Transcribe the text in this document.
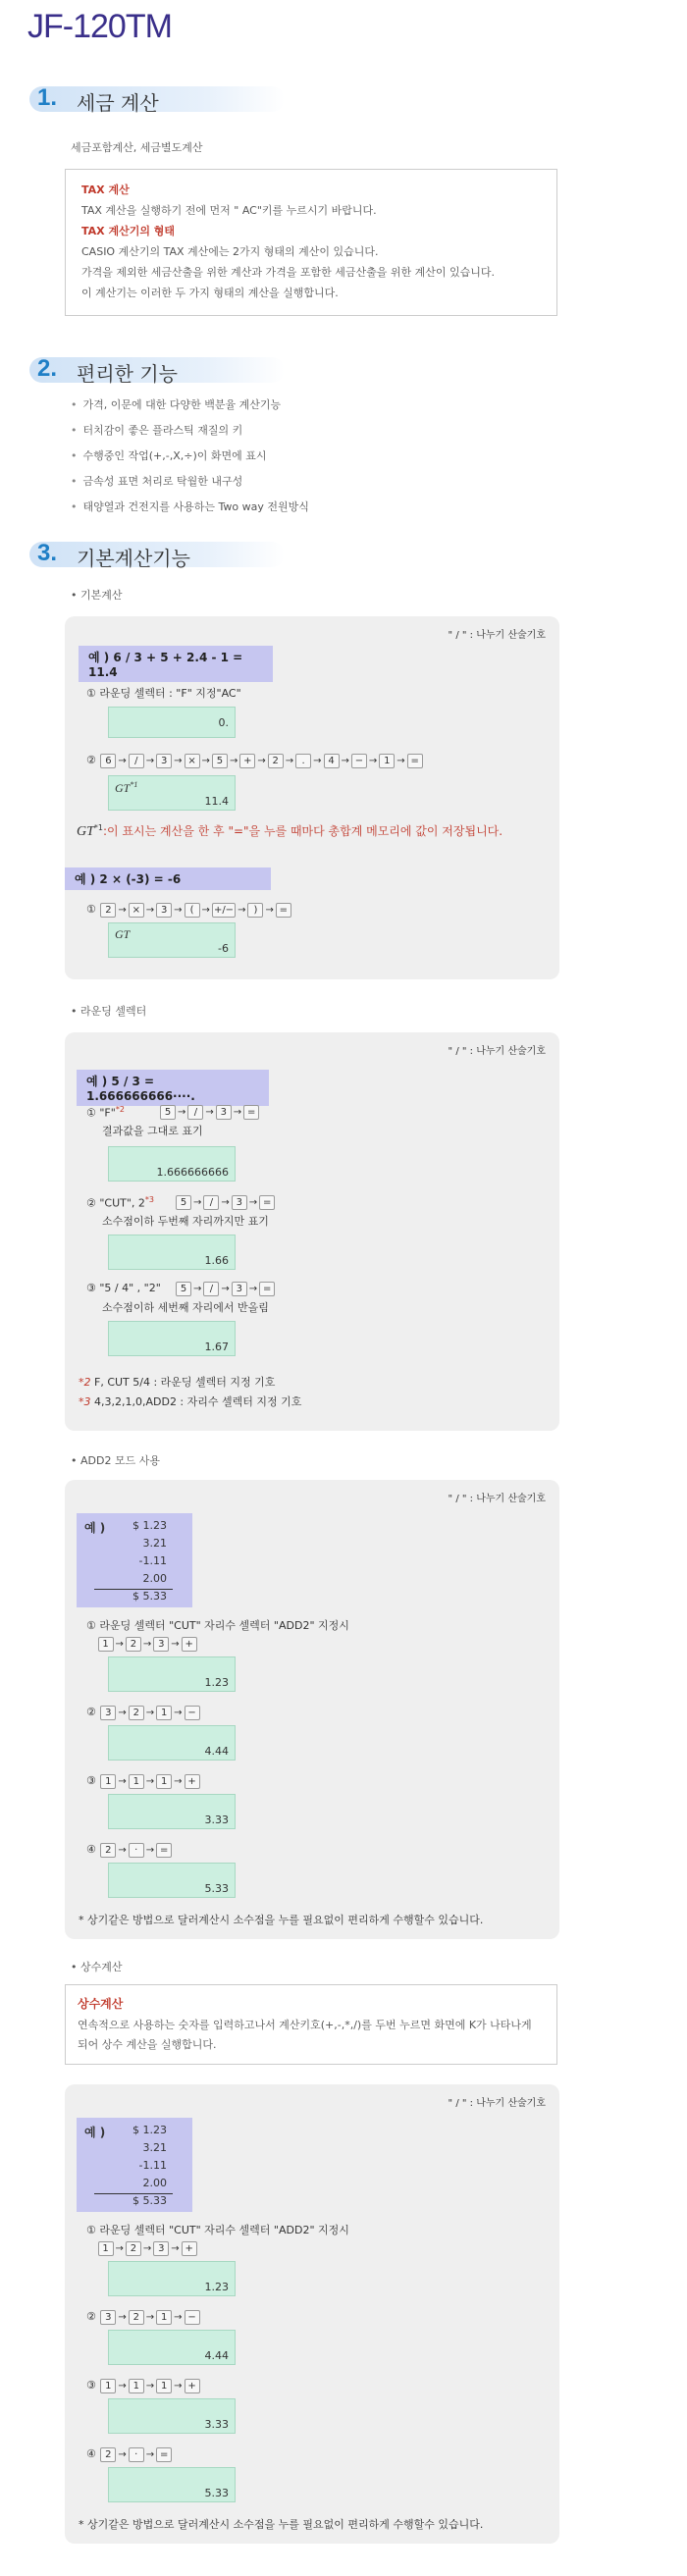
JF-120TM
1. 세금 계산
세금포함계산, 세금별도계산
TAX 계산
TAX 계산을 실행하기 전에 먼저 " AC"키를 누르시기 바랍니다.
TAX 계산기의 형태
CASIO 계산기의 TAX 계산에는 2가지 형태의 계산이 있습니다.
가격을 제외한 세금산출을 위한 계산과 가격을 포함한 세금산출을 위한 계산이 있습니다.
이 계산기는 이러한 두 가지 형태의 계산을 실행합니다.
2. 편리한 기능
• 가격, 이문에 대한 다양한 백분율 계산기능
• 터치감이 좋은 플라스틱 재질의 키
• 수행중인 작업(+,-,X,÷)이 화면에 표시
• 금속성 표면 처리로 탁월한 내구성
• 태양열과 건전지를 사용하는 Two way 전원방식
3. 기본계산기능
• 기본계산
" / " : 나누기 산술기호
예 ) 6 / 3 + 5 + 2.4 - 1 = 11.4
① 라운딩 셀렉터 : "F" 지정"AC"
0.
② 6 → / → 3 → × → 5 → + → 2 → . → 4 → − → 1 → =
$GT^{*1}$
11.4
GT$^{*1}$:이 표시는 계산을 한 후 "="을 누를 때마다 총합계 메모리에 값이 저장됩니다.
예 ) 2 × (-3) = -6
① 2 → × → 3 → ( → +/− → ) → =
GT
-6
• 라운딩 셀렉터
" / " : 나누기 산술기호
예 ) 5 / 3 = 1.666666666····.
① "F"$^{*2}$	5 → / → 3 → =
결과값을 그대로 표기
1.666666666
② "CUT", 2$^{*3}$	5 → / → 3 → =
소수점이하 두번째 자리까지만 표기
1.66
③ "5 / 4" , "2"	5 → / → 3 → =
소수점이하 세번째 자리에서 반올림
1.67
*2 F, CUT 5/4 : 라운딩 셀렉터 지정 기호
*3 4,3,2,1,0,ADD2 : 자리수 셀렉터 지정 기호
• ADD2 모드 사용
" / " : 나누기 산술기호
예 )	$ 1.23
3.21
-1.11
2.00
$ 5.33
① 라운딩 셀렉터 "CUT" 자리수 셀렉터 "ADD2" 지정시
1 → 2 → 3 → +
1.23
② 3 → 2 → 1 → −
4.44
③ 1 → 1 → 1 → +
3.33
④ 2 → · → =
5.33
* 상기같은 방법으로 달러계산시 소수점을 누를 필요없이 편리하게 수행할수 있습니다.
• 상수계산
상수계산
연속적으로 사용하는 숫자를 입력하고나서 계산키호(+,-,*,/)를 두번 누르면 화면에 K가 나타나게
되어 상수 계산을 실행합니다.
" / " : 나누기 산술기호
예 )	$ 1.23
3.21
-1.11
2.00
$ 5.33
① 라운딩 셀렉터 "CUT" 자리수 셀렉터 "ADD2" 지정시
1 → 2 → 3 → +
1.23
② 3 → 2 → 1 → −
4.44
③ 1 → 1 → 1 → +
3.33
④ 2 → · → =
5.33
* 상기같은 방법으로 달러계산시 소수점을 누를 필요없이 편리하게 수행할수 있습니다.
